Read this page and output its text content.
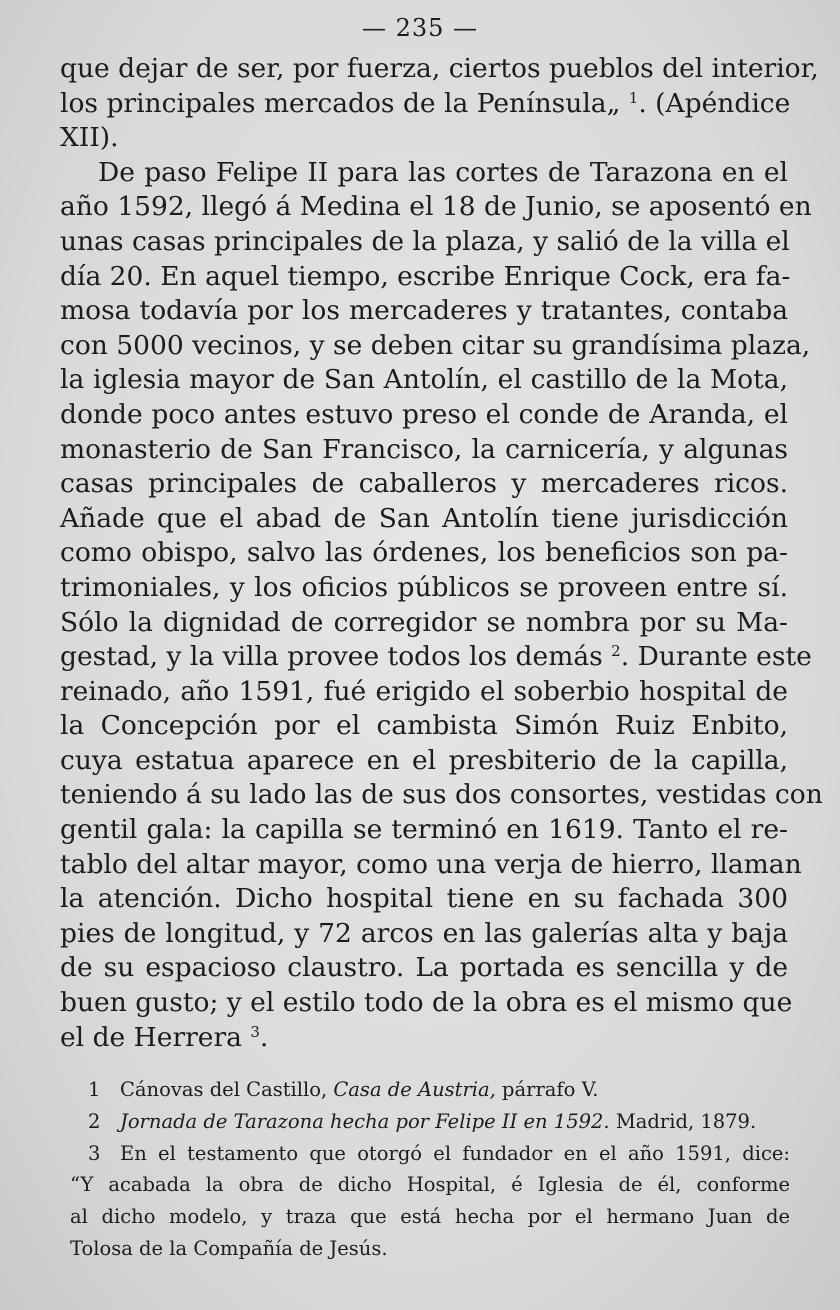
— 235 —
que dejar de ser, por fuerza, ciertos pueblos del interior,
los principales mercados de la Península„ $^1$. (Apéndice
XII).
De paso Felipe II para las cortes de Tarazona en el
año 1592, llegó á Medina el 18 de Junio, se aposentó en
unas casas principales de la plaza, y salió de la villa el
día 20. En aquel tiempo, escribe Enrique Cock, era fa-
mosa todavía por los mercaderes y tratantes, contaba
con 5000 vecinos, y se deben citar su grandísima plaza,
la iglesia mayor de San Antolín, el castillo de la Mota,
donde poco antes estuvo preso el conde de Aranda, el
monasterio de San Francisco, la carnicería, y algunas
casas principales de caballeros y mercaderes ricos.
Añade que el abad de San Antolín tiene jurisdicción
como obispo, salvo las órdenes, los beneficios son pa-
trimoniales, y los oficios públicos se proveen entre sí.
Sólo la dignidad de corregidor se nombra por su Ma-
gestad, y la villa provee todos los demás $^2$. Durante este
reinado, año 1591, fué erigido el soberbio hospital de
la Concepción por el cambista Simón Ruiz Enbito,
cuya estatua aparece en el presbiterio de la capilla,
teniendo á su lado las de sus dos consortes, vestidas con
gentil gala: la capilla se terminó en 1619. Tanto el re-
tablo del altar mayor, como una verja de hierro, llaman
la atención. Dicho hospital tiene en su fachada 300
pies de longitud, y 72 arcos en las galerías alta y baja
de su espacioso claustro. La portada es sencilla y de
buen gusto; y el estilo todo de la obra es el mismo que
el de Herrera $^3$.
1 Cánovas del Castillo, Casa de Austria, párrafo V.
2 Jornada de Tarazona hecha por Felipe II en 1592. Madrid, 1879.
3 En el testamento que otorgó el fundador en el año 1591, dice:
“Y acabada la obra de dicho Hospital, é Iglesia de él, conforme
al dicho modelo, y traza que está hecha por el hermano Juan de
Tolosa de la Compañía de Jesús.
